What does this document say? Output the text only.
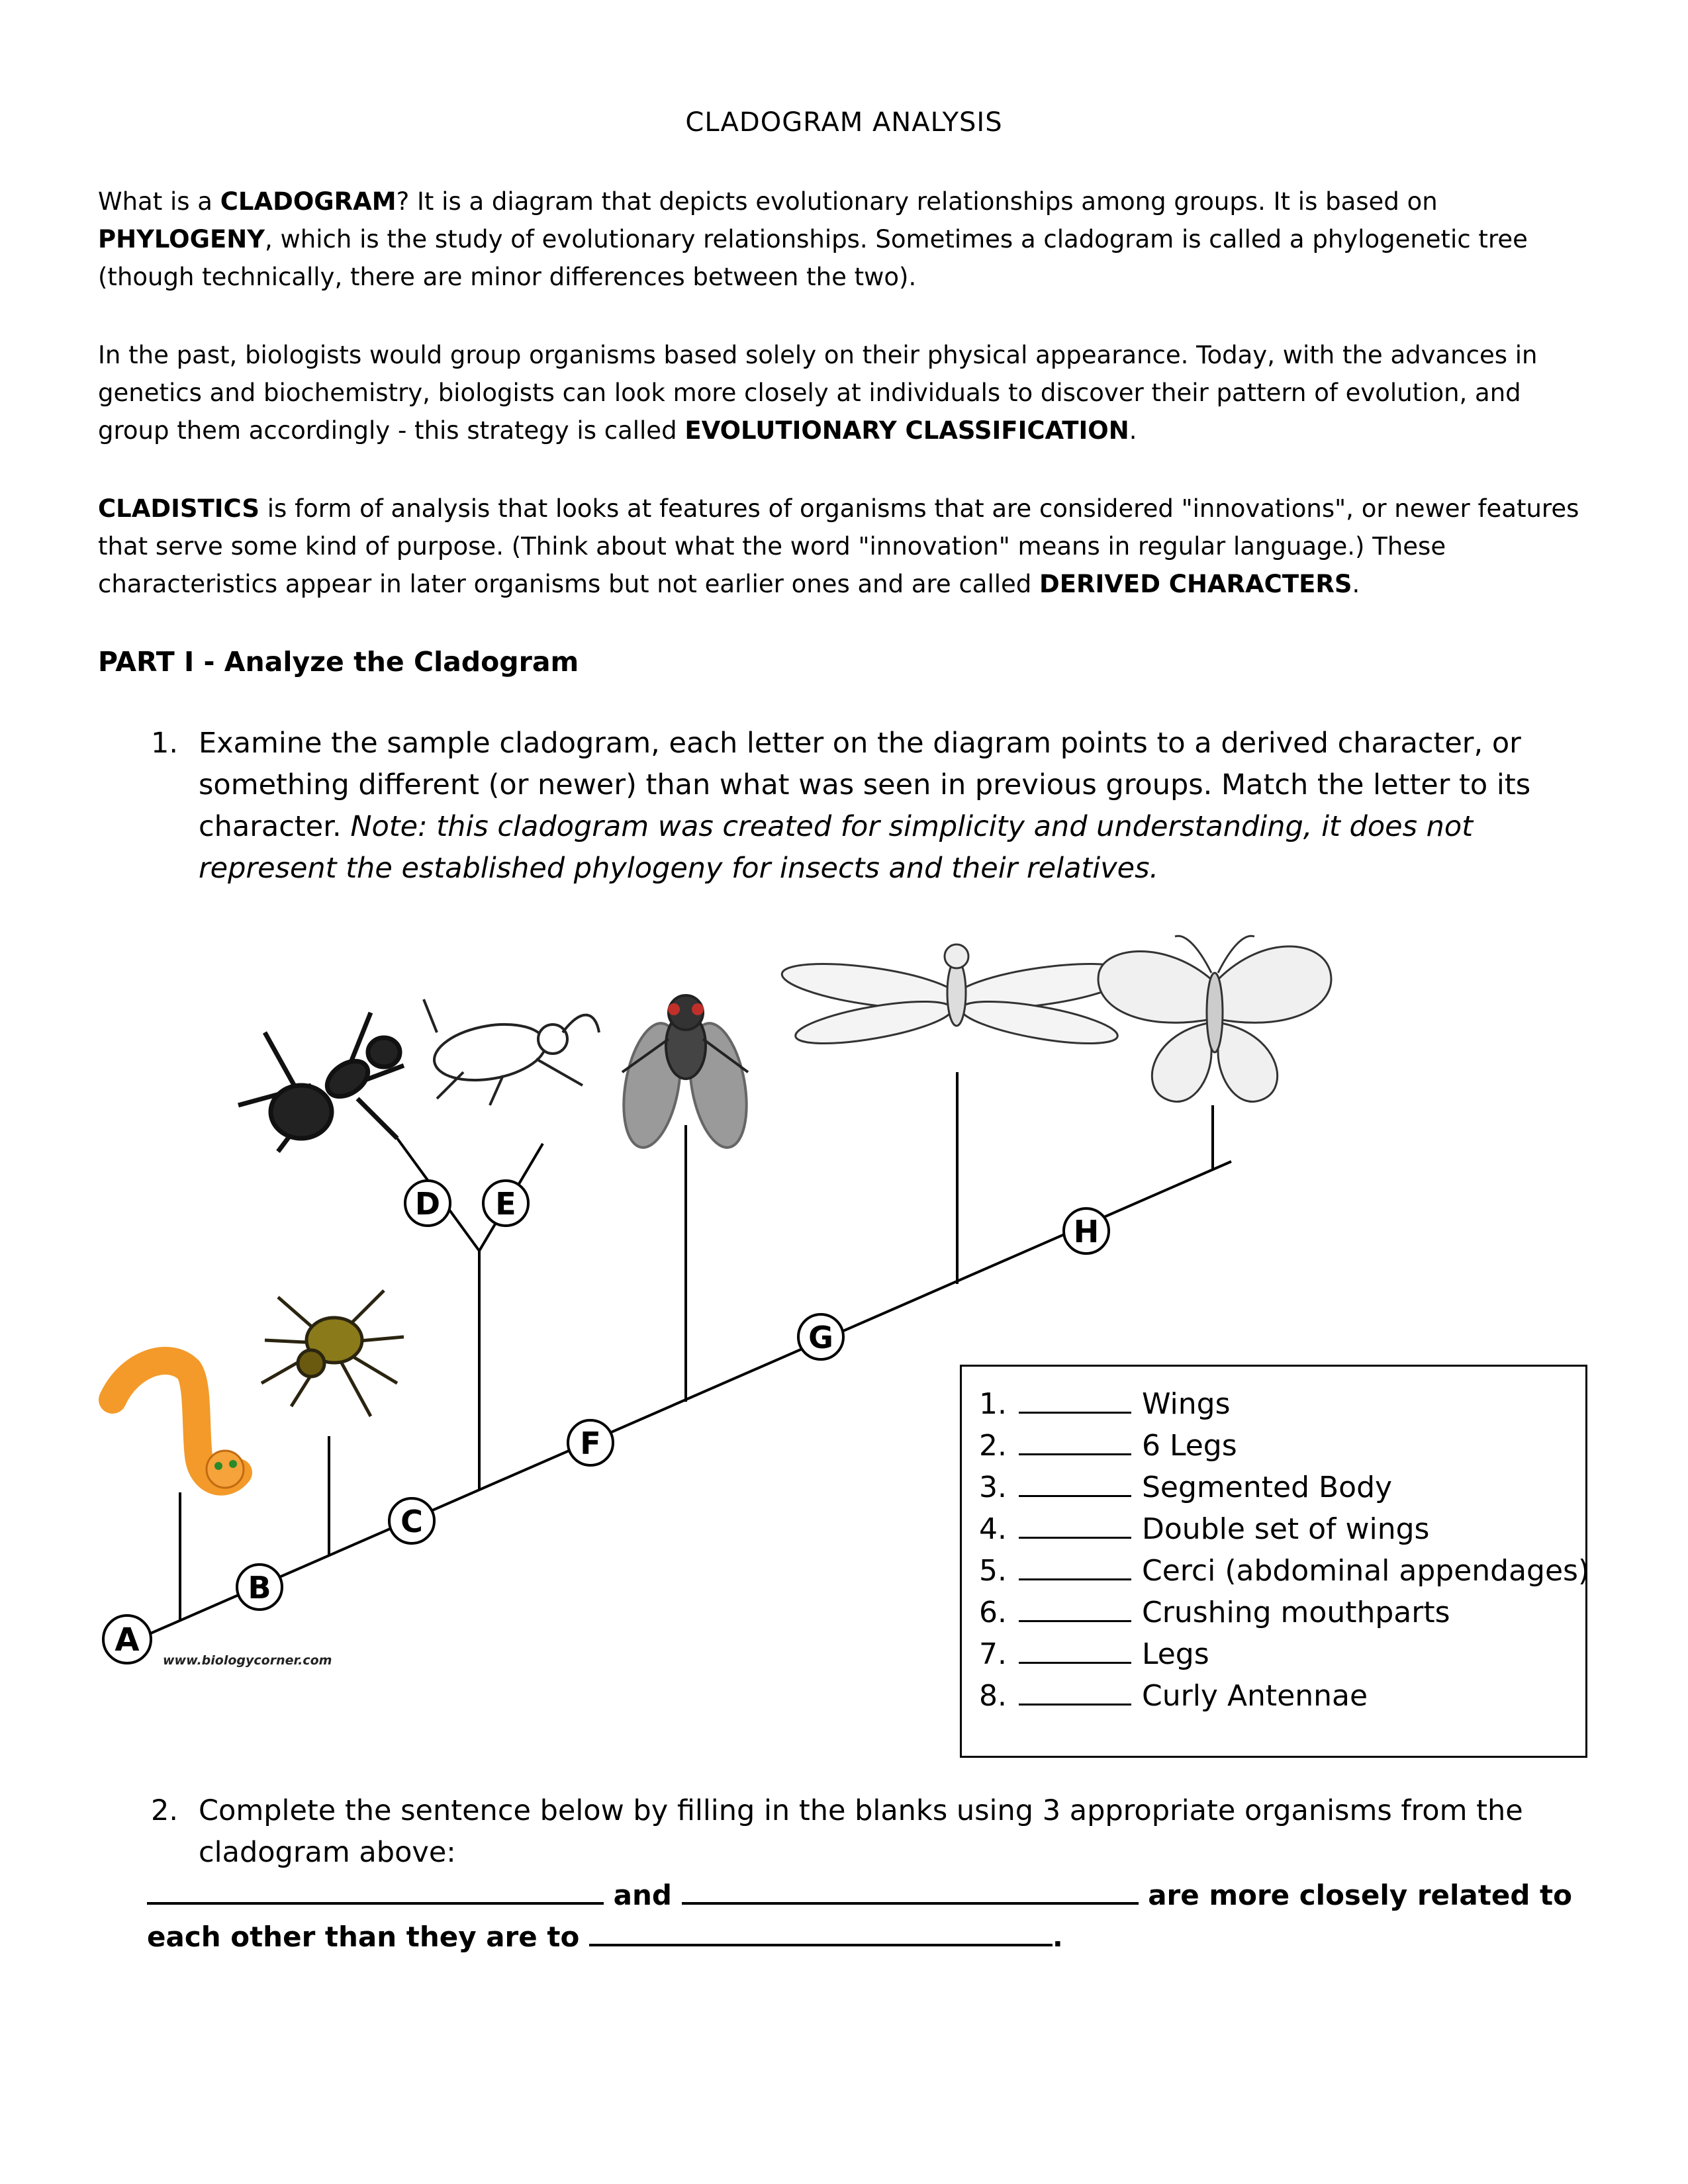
CLADOGRAM ANALYSIS

What is a CLADOGRAM? It is a diagram that depicts evolutionary relationships among groups. It is based on PHYLOGENY, which is the study of evolutionary relationships. Sometimes a cladogram is called a phylogenetic tree (though technically, there are minor differences between the two).

In the past, biologists would group organisms based solely on their physical appearance. Today, with the advances in genetics and biochemistry, biologists can look more closely at individuals to discover their pattern of evolution, and group them accordingly - this strategy is called EVOLUTIONARY CLASSIFICATION.

CLADISTICS is form of analysis that looks at features of organisms that are considered "innovations", or newer features that serve some kind of purpose. (Think about what the word "innovation" means in regular language.) These characteristics appear in later organisms but not earlier ones and are called DERIVED CHARACTERS.

PART I - Analyze the Cladogram
1. Examine the sample cladogram, each letter on the diagram points to a derived character, or something different (or newer) than what was seen in previous groups. Match the letter to its character. Note: this cladogram was created for simplicity and understanding, it does not represent the established phylogeny for insects and their relatives.

A
B
C
D E
F
G
H
www.biologycorner.com
1.	Wings
2.	6 Legs
3.	Segmented Body
4.	Double set of wings
5.	Cerci (abdominal appendages)
6.	Crushing mouthparts
7.	Legs
8.	Curly Antennae
2. Complete the sentence below by filling in the blanks using 3 appropriate organisms from the cladogram above:

and	are more closely related to
each other than they are to	.
